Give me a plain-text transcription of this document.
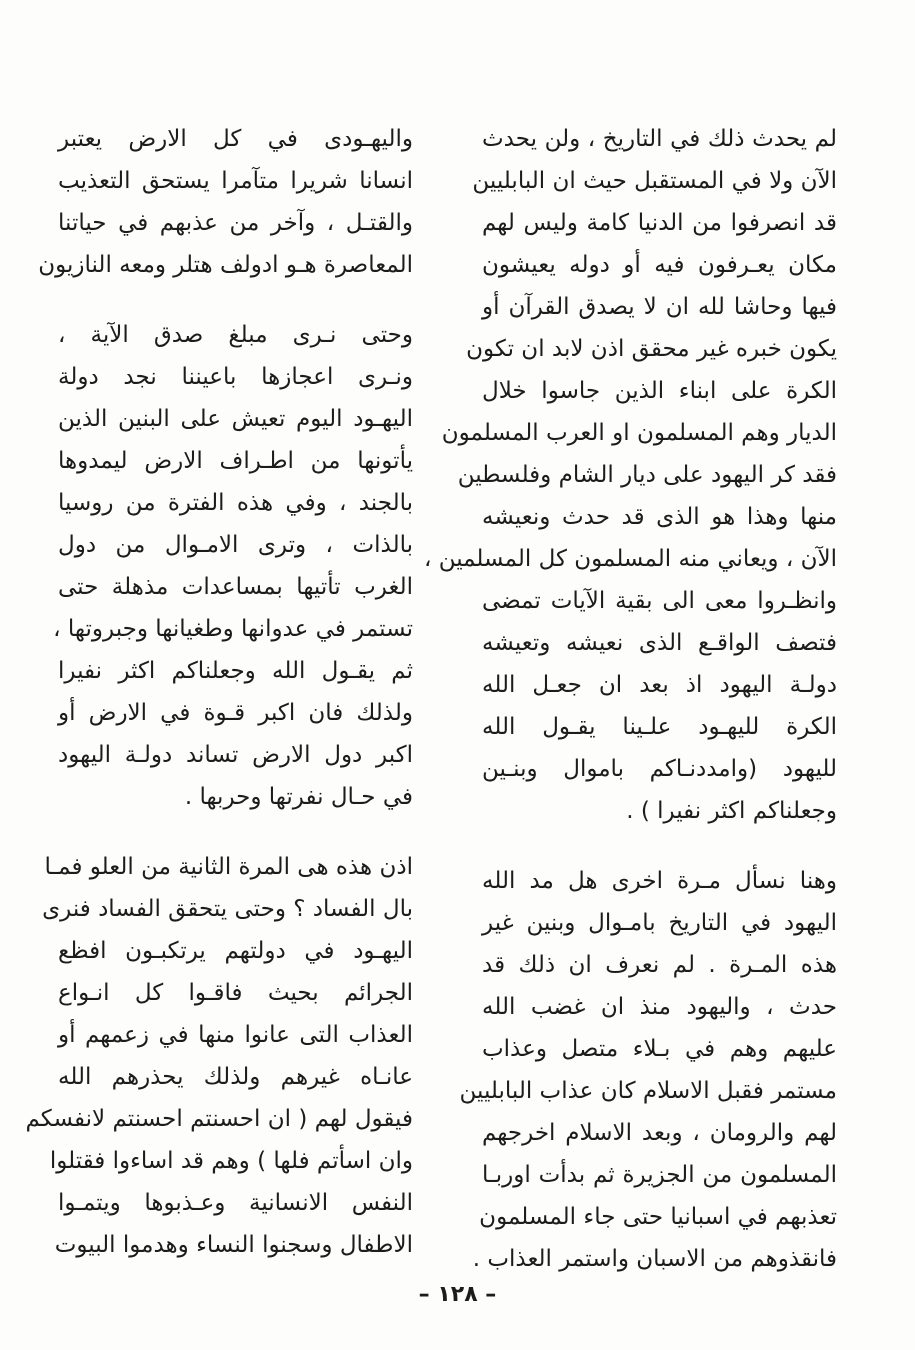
لم يحدث ذلك في التاريخ ، ولن يحدث
الآن ولا في المستقبل حيث ان البابليين
قد انصرفوا من الدنيا كامة وليس لهم
مكان يعـرفون فيه أو دوله يعيشون
فيها وحاشا لله ان لا يصدق القرآن أو
يكون خبره غير محقق اذن لابد ان تكون
الكرة على ابناء الذين جاسوا خلال
الديار وهم المسلمون او العرب المسلمون
فقد كر اليهود على ديار الشام وفلسطين
منها وهذا هو الذى قد حدث ونعيشه
الآن ، ويعاني منه المسلمون كل المسلمين ،
وانظـروا معى الى بقية الآيات تمضى
فتصف الواقـع الذى نعيشه وتعيشه
دولـة اليهود اذ بعد ان جعـل الله
الكرة لليهـود علـينا يقـول الله
لليهود (وامددنـاكم باموال وبنـين
وجعلناكم اكثر نفيرا ) .
وهنا نسأل مـرة اخرى هل مد الله
اليهود في التاريخ بامـوال وبنين غير
هذه المـرة . لم نعرف ان ذلك قد
حدث ، واليهود منذ ان غضب الله
عليهم وهم في بـلاء متصل وعذاب
مستمر فقبل الاسلام كان عذاب البابليين
لهم والرومان ، وبعد الاسلام اخرجهم
المسلمون من الجزيرة ثم بدأت اوربـا
تعذبهم في اسبانيا حتى جاء المسلمون
فانقذوهم من الاسبان واستمر العذاب .
واليهـودى في كل الارض يعتبر
انسانا شريرا متآمرا يستحق التعذيب
والقتـل ، وآخر من عذبهم في حياتنا
المعاصرة هـو ادولف هتلر ومعه النازيون
وحتى نـرى مبلغ صدق الآية ،
ونـرى اعجازها باعيننا نجد دولة
اليهـود اليوم تعيش على البنين الذين
يأتونها من اطـراف الارض ليمدوها
بالجند ، وفي هذه الفترة من روسيا
بالذات ، وترى الامـوال من دول
الغرب تأتيها بمساعدات مذهلة حتى
تستمر في عدوانها وطغيانها وجبروتها ،
ثم يقـول الله وجعلناكم اكثر نفيرا
ولذلك فان اكبر قـوة في الارض أو
اكبر دول الارض تساند دولـة اليهود
في حـال نفرتها وحربها .
اذن هذه هى المرة الثانية من العلو فمـا
بال الفساد ؟ وحتى يتحقق الفساد فنرى
اليهـود في دولتهم يرتكبـون افظع
الجرائم بحيث فاقـوا كل انـواع
العذاب التى عانوا منها في زعمهم أو
عانـاه غيرهم ولذلك يحذرهم الله
فيقول لهم ( ان احسنتم احسنتم لانفسكم
وان اسأتم فلها ) وهم قد اساءوا فقتلوا
النفس الانسانية وعـذبوها ويتمـوا
الاطفال وسجنوا النساء وهدموا البيوت
– ١٢٨ –
